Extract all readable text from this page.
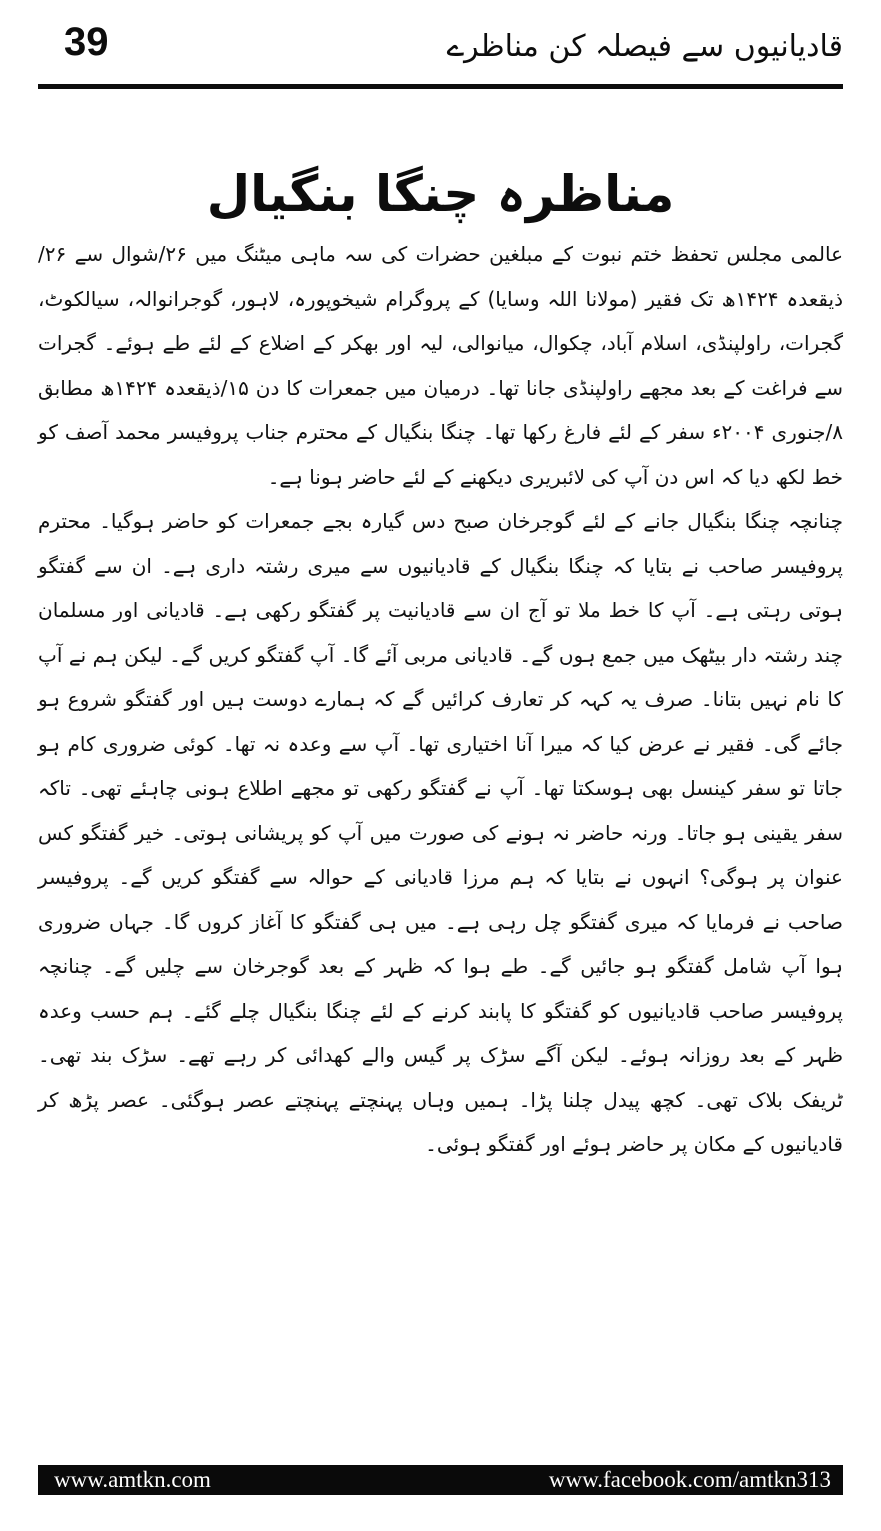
39	قادیانیوں سے فیصلہ کن مناظرے
مناظرہ چنگا بنگیال

عالمی مجلس تحفظ ختم نبوت کے مبلغین حضرات کی سہ ماہی میٹنگ میں ۲۶/شوال سے ۲۶/ذیقعدہ ۱۴۲۴ھ تک فقیر (مولانا اللہ وسایا) کے پروگرام شیخوپورہ، لاہور، گوجرانوالہ، سیالکوٹ، گجرات، راولپنڈی، اسلام آباد، چکوال، میانوالی، لیہ اور بھکر کے اضلاع کے لئے طے ہوئے۔ گجرات سے فراغت کے بعد مجھے راولپنڈی جانا تھا۔ درمیان میں جمعرات کا دن ۱۵/ذیقعدہ ۱۴۲۴ھ مطابق ۸/جنوری ۲۰۰۴ء سفر کے لئے فارغ رکھا تھا۔ چنگا بنگیال کے محترم جناب پروفیسر محمد آصف کو خط لکھ دیا کہ اس دن آپ کی لائبریری دیکھنے کے لئے حاضر ہونا ہے۔

چنانچہ چنگا بنگیال جانے کے لئے گوجرخان صبح دس گیارہ بجے جمعرات کو حاضر ہوگیا۔ محترم پروفیسر صاحب نے بتایا کہ چنگا بنگیال کے قادیانیوں سے میری رشتہ داری ہے۔ ان سے گفتگو ہوتی رہتی ہے۔ آپ کا خط ملا تو آج ان سے قادیانیت پر گفتگو رکھی ہے۔ قادیانی اور مسلمان چند رشتہ دار بیٹھک میں جمع ہوں گے۔ قادیانی مربی آئے گا۔ آپ گفتگو کریں گے۔ لیکن ہم نے آپ کا نام نہیں بتانا۔ صرف یہ کہہ کر تعارف کرائیں گے کہ ہمارے دوست ہیں اور گفتگو شروع ہو جائے گی۔ فقیر نے عرض کیا کہ میرا آنا اختیاری تھا۔ آپ سے وعدہ نہ تھا۔ کوئی ضروری کام ہو جاتا تو سفر کینسل بھی ہوسکتا تھا۔ آپ نے گفتگو رکھی تو مجھے اطلاع ہونی چاہئے تھی۔ تاکہ سفر یقینی ہو جاتا۔ ورنہ حاضر نہ ہونے کی صورت میں آپ کو پریشانی ہوتی۔ خیر گفتگو کس عنوان پر ہوگی؟ انہوں نے بتایا کہ ہم مرزا قادیانی کے حوالہ سے گفتگو کریں گے۔ پروفیسر صاحب نے فرمایا کہ میری گفتگو چل رہی ہے۔ میں ہی گفتگو کا آغاز کروں گا۔ جہاں ضروری ہوا آپ شامل گفتگو ہو جائیں گے۔ طے ہوا کہ ظہر کے بعد گوجرخان سے چلیں گے۔ چنانچہ پروفیسر صاحب قادیانیوں کو گفتگو کا پابند کرنے کے لئے چنگا بنگیال چلے گئے۔ ہم حسب وعدہ ظہر کے بعد روزانہ ہوئے۔ لیکن آگے سڑک پر گیس والے کھدائی کر رہے تھے۔ سڑک بند تھی۔ ٹریفک بلاک تھی۔ کچھ پیدل چلنا پڑا۔ ہمیں وہاں پہنچتے پہنچتے عصر ہوگئی۔ عصر پڑھ کر قادیانیوں کے مکان پر حاضر ہوئے اور گفتگو ہوئی۔

www.amtkn.com	www.facebook.com/amtkn313
